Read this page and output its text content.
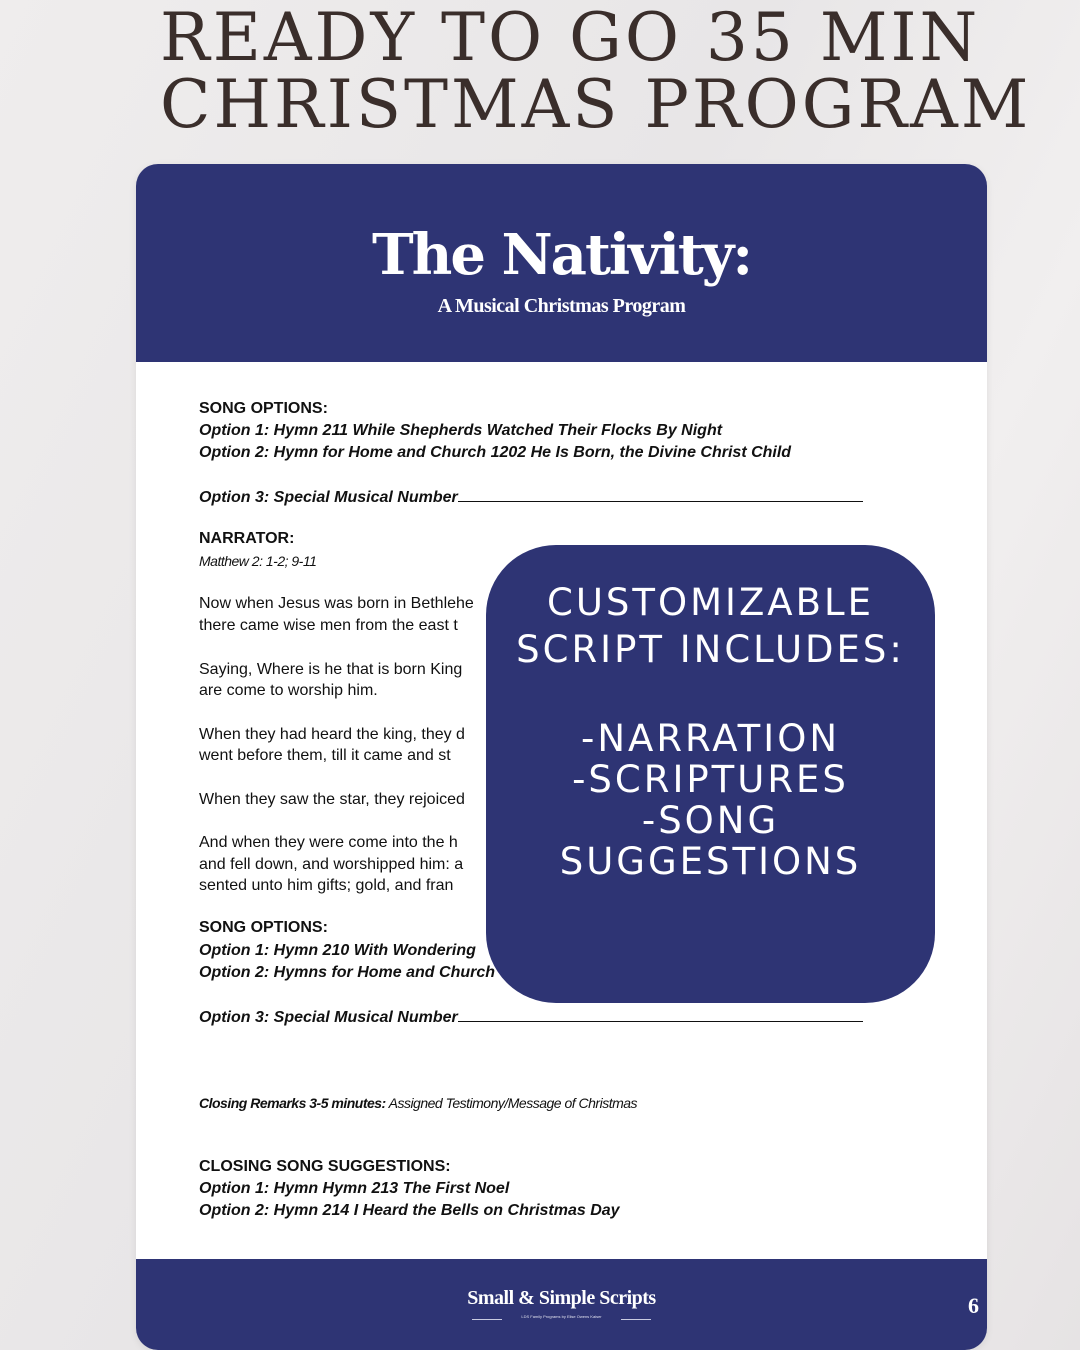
READY TO GO 35 MIN
CHRISTMAS PROGRAM
The Nativity:
A Musical Christmas Program
SONG OPTIONS:
Option 1: Hymn 211 While Shepherds Watched Their Flocks By Night
Option 2: Hymn for Home and Church 1202 He Is Born, the Divine Christ Child
Option 3: Special Musical Number
NARRATOR:
Matthew 2: 1-2; 9-11
Now when Jesus was born in Bethlehe
there came wise men from the east t
Saying, Where is he that is born King
are come to worship him.
When they had heard the king, they d
went before them, till it came and st
When they saw the star, they rejoiced
And when they were come into the h
and fell down, and worshipped him: a
sented unto him gifts; gold, and fran
SONG OPTIONS:
Option 1: Hymn 210 With Wondering
Option 2: Hymns for Home and Church
Option 3: Special Musical Number
Closing Remarks 3-5 minutes: Assigned Testimony/Message of Christmas
CLOSING SONG SUGGESTIONS:
Option 1: Hymn Hymn 213 The First Noel
Option 2: Hymn 214 I Heard the Bells on Christmas Day
Small & Simple Scripts
LDS Family Programs by Elise Owens Kaiser	6
CUSTOMIZABLE
SCRIPT INCLUDES:
-NARRATION
-SCRIPTURES
-SONG
SUGGESTIONS
